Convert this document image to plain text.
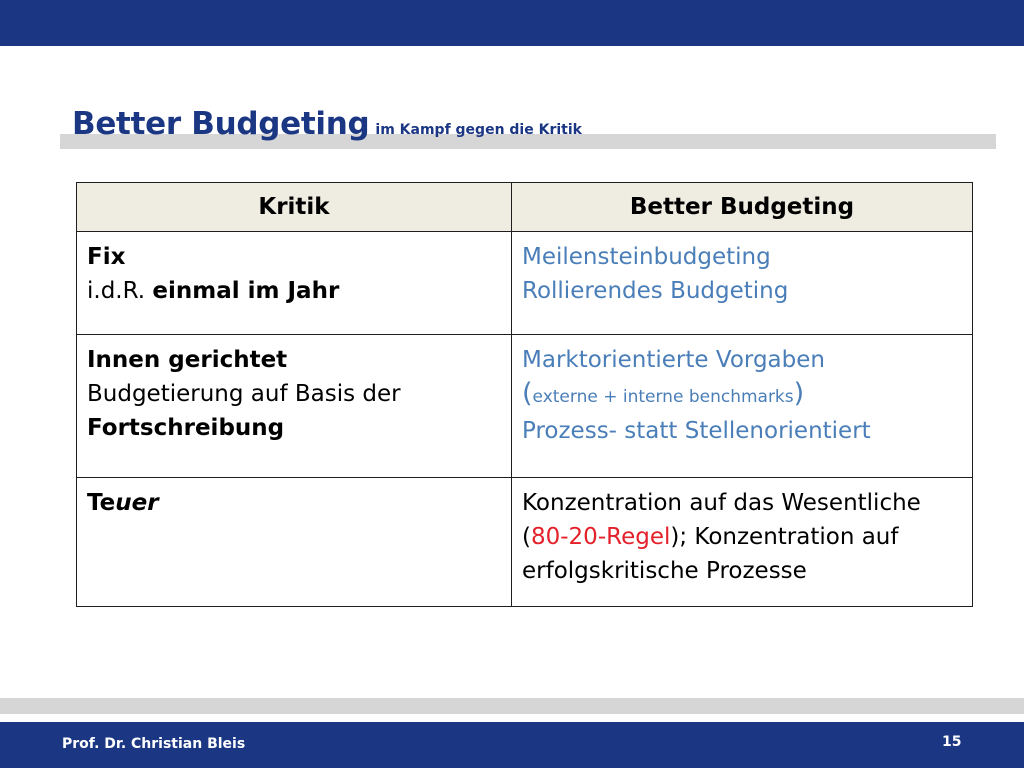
Better Budgeting im Kampf gegen die Kritik
Kritik	Better Budgeting

Fix
i.d.R. einmal im Jahr	Meilensteinbudgeting
Rollierendes Budgeting

Innen gerichtet
Budgetierung auf Basis der
Fortschreibung	Marktorientierte Vorgaben
(externe + interne benchmarks)
Prozess- statt Stellenorientiert

Teuer	Konzentration auf das Wesentliche
(80-20-Regel); Konzentration auf
erfolgskritische Prozesse
Prof. Dr. Christian Bleis	15
